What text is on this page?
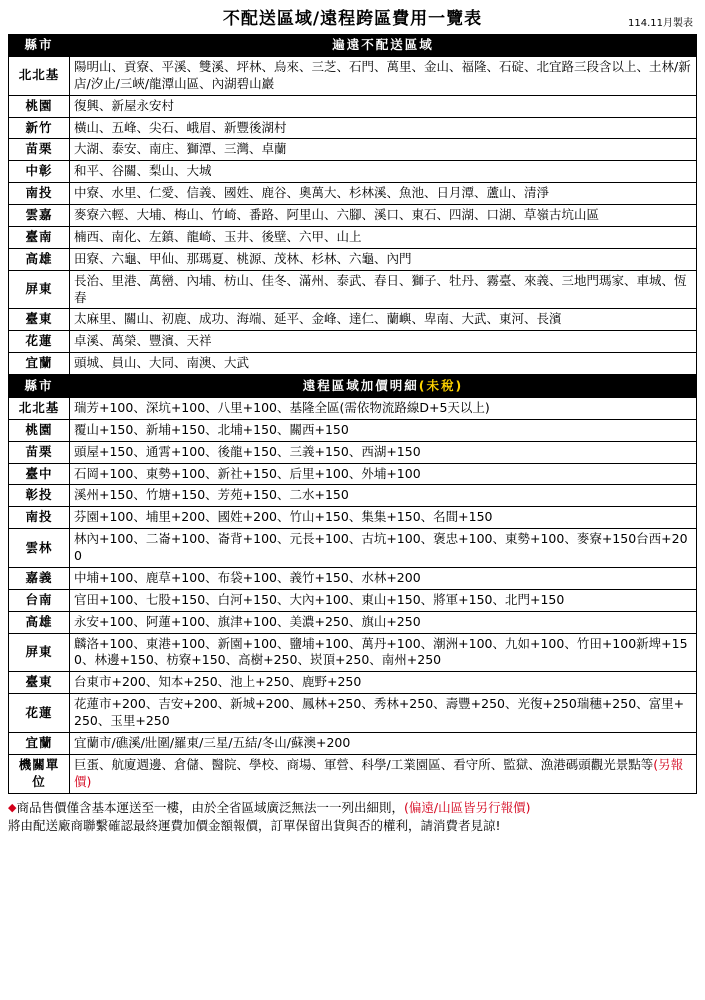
不配送區域/遠程跨區費用一覽表	114.11月製表
縣市	遍遠不配送區域
北北基	陽明山、貢寮、平溪、雙溪、坪林、烏來、三芝、石門、萬里、金山、福隆、石碇、北宜路三段含以上、土林/新店/汐止/三峽/龍潭山區、內湖碧山巖
桃園	復興、新屋永安村
新竹	橫山、五峰、尖石、峨眉、新豐後湖村
苗栗	大湖、泰安、南庄、獅潭、三灣、卓蘭
中彰	和平、谷關、梨山、大城
南投	中寮、水里、仁愛、信義、國姓、鹿谷、奧萬大、杉林溪、魚池、日月潭、蘆山、清淨
雲嘉	麥寮六輕、大埔、梅山、竹崎、番路、阿里山、六腳、溪口、東石、四湖、口湖、草嶺古坑山區
臺南	楠西、南化、左鎮、龍崎、玉井、後壁、六甲、山上
高雄	田寮、六龜、甲仙、那瑪夏、桃源、茂林、杉林、六龜、內門
屏東	長治、里港、萬巒、內埔、枋山、佳冬、滿州、泰武、春日、獅子、牡丹、霧臺、來義、三地門瑪家、車城、恆春
臺東	太麻里、關山、初鹿、成功、海端、延平、金峰、達仁、蘭嶼、卑南、大武、東河、長濱
花蓮	卓溪、萬榮、豐濱、天祥
宜蘭	頭城、員山、大同、南澳、大武
縣市	遠程區域加價明細(未稅)
北北基	瑞芳+100、深坑+100、八里+100、基隆全區(需依物流路線D+5天以上)
桃園	覆山+150、新埔+150、北埔+150、關西+150
苗栗	頭屋+150、通霄+100、後龍+150、三義+150、西湖+150
臺中	石岡+100、東勢+100、新社+150、后里+100、外埔+100
彰投	溪州+150、竹塘+150、芳苑+150、二水+150
南投	芬園+100、埔里+200、國姓+200、竹山+150、集集+150、名間+150
雲林	林內+100、二崙+100、崙背+100、元長+100、古坑+100、褒忠+100、東勢+100、麥寮+150台西+200
嘉義	中埔+100、鹿草+100、布袋+100、義竹+150、水林+200
台南	官田+100、七股+150、白河+150、大內+100、東山+150、將軍+150、北門+150
高雄	永安+100、阿蓮+100、旗津+100、美濃+250、旗山+250
屏東	麟洛+100、東港+100、新園+100、鹽埔+100、萬丹+100、潮洲+100、九如+100、竹田+100新埤+150、林邊+150、枋寮+150、高樹+250、崁頂+250、南州+250
臺東	台東市+200、知本+250、池上+250、鹿野+250
花蓮	花蓮市+200、吉安+200、新城+200、鳳林+250、秀林+250、壽豐+250、光復+250瑞穗+250、富里+250、玉里+250
宜蘭	宜蘭市/礁溪/壯圍/羅東/三星/五結/冬山/蘇澳+200
機關單位	巨蛋、航廈週邊、倉儲、醫院、學校、商場、軍營、科學/工業園區、看守所、監獄、漁港碼頭觀光景點等(另報價)
◆商品售價僅含基本運送至一樓，由於全省區域廣泛無法一一列出細則，(偏遠/山區皆另行報價)
將由配送廠商聯繫確認最終運費加價金額報價，訂單保留出貨與否的權利，請消費者見諒!
